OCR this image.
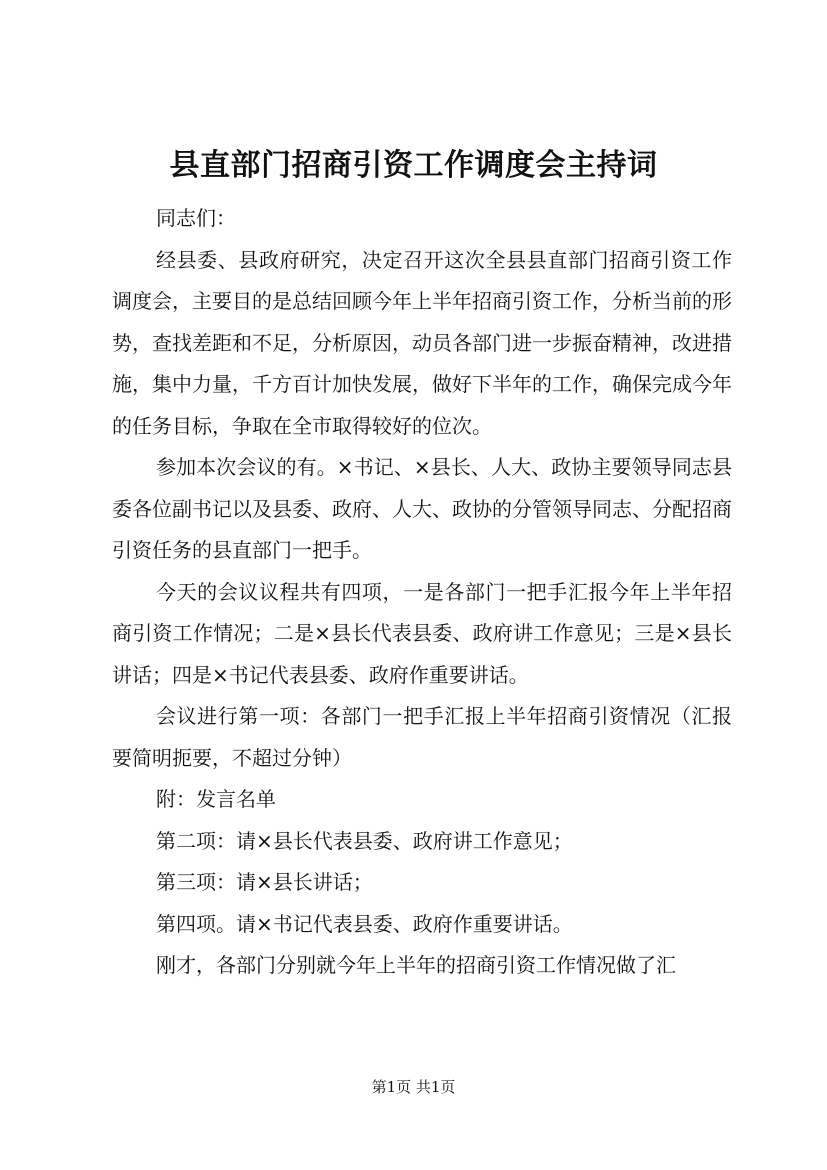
县直部门招商引资工作调度会主持词

同志们：

经县委、县政府研究，决定召开这次全县县直部门招商引资工作调度会，主要目的是总结回顾今年上半年招商引资工作，分析当前的形势，查找差距和不足，分析原因，动员各部门进一步振奋精神，改进措施，集中力量，千方百计加快发展，做好下半年的工作，确保完成今年的任务目标，争取在全市取得较好的位次。

参加本次会议的有。×书记、×县长、人大、政协主要领导同志县委各位副书记以及县委、政府、人大、政协的分管领导同志、分配招商引资任务的县直部门一把手。

今天的会议议程共有四项，一是各部门一把手汇报今年上半年招商引资工作情况；二是×县长代表县委、政府讲工作意见；三是×县长讲话；四是×书记代表县委、政府作重要讲话。

会议进行第一项：各部门一把手汇报上半年招商引资情况（汇报要简明扼要，不超过分钟）

附：发言名单

第二项：请×县长代表县委、政府讲工作意见；

第三项：请×县长讲话；

第四项。请×书记代表县委、政府作重要讲话。

刚才，各部门分别就今年上半年的招商引资工作情况做了汇

第1页 共1页
